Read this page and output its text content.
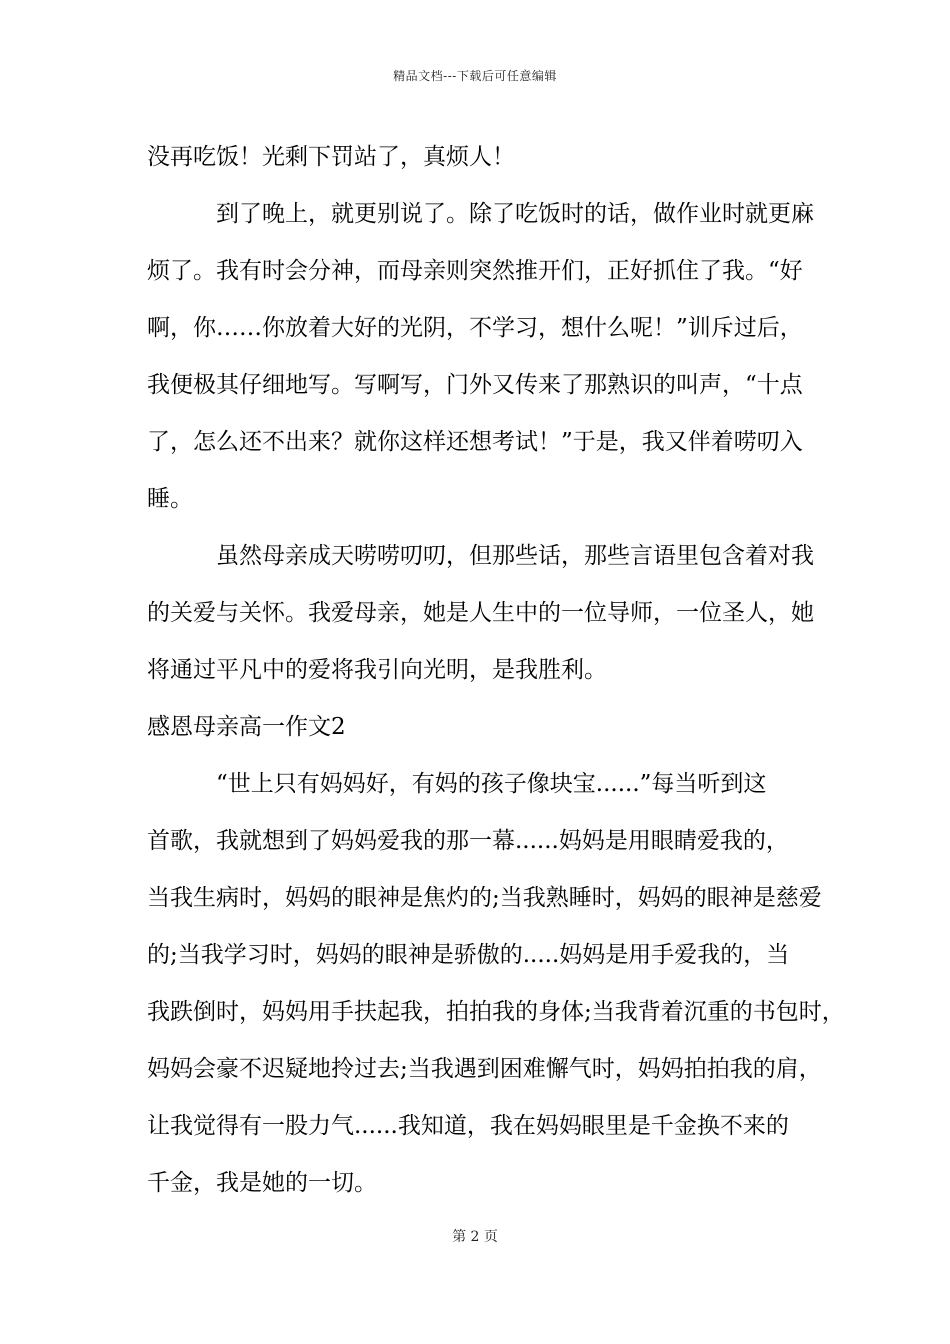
精品文档---下载后可任意编辑
没再吃饭！光剩下罚站了，真烦人！
到了晚上，就更别说了。除了吃饭时的话，做作业时就更麻
烦了。我有时会分神，而母亲则突然推开们，正好抓住了我。“好
啊，你……你放着大好的光阴，不学习，想什么呢！”训斥过后，
我便极其仔细地写。写啊写，门外又传来了那熟识的叫声，“十点
了，怎么还不出来？就你这样还想考试！”于是，我又伴着唠叨入
睡。
虽然母亲成天唠唠叨叨，但那些话，那些言语里包含着对我
的关爱与关怀。我爱母亲，她是人生中的一位导师，一位圣人，她
将通过平凡中的爱将我引向光明，是我胜利。
感恩母亲高一作文2
“世上只有妈妈好，有妈的孩子像块宝......”每当听到这
首歌，我就想到了妈妈爱我的那一幕......妈妈是用眼睛爱我的，
当我生病时，妈妈的眼神是焦灼的;当我熟睡时，妈妈的眼神是慈爱
的;当我学习时，妈妈的眼神是骄傲的.....妈妈是用手爱我的，当
我跌倒时，妈妈用手扶起我，拍拍我的身体;当我背着沉重的书包时，
妈妈会豪不迟疑地拎过去;当我遇到困难懈气时，妈妈拍拍我的肩，
让我觉得有一股力气......我知道，我在妈妈眼里是千金换不来的
千金，我是她的一切。
第 2 页
